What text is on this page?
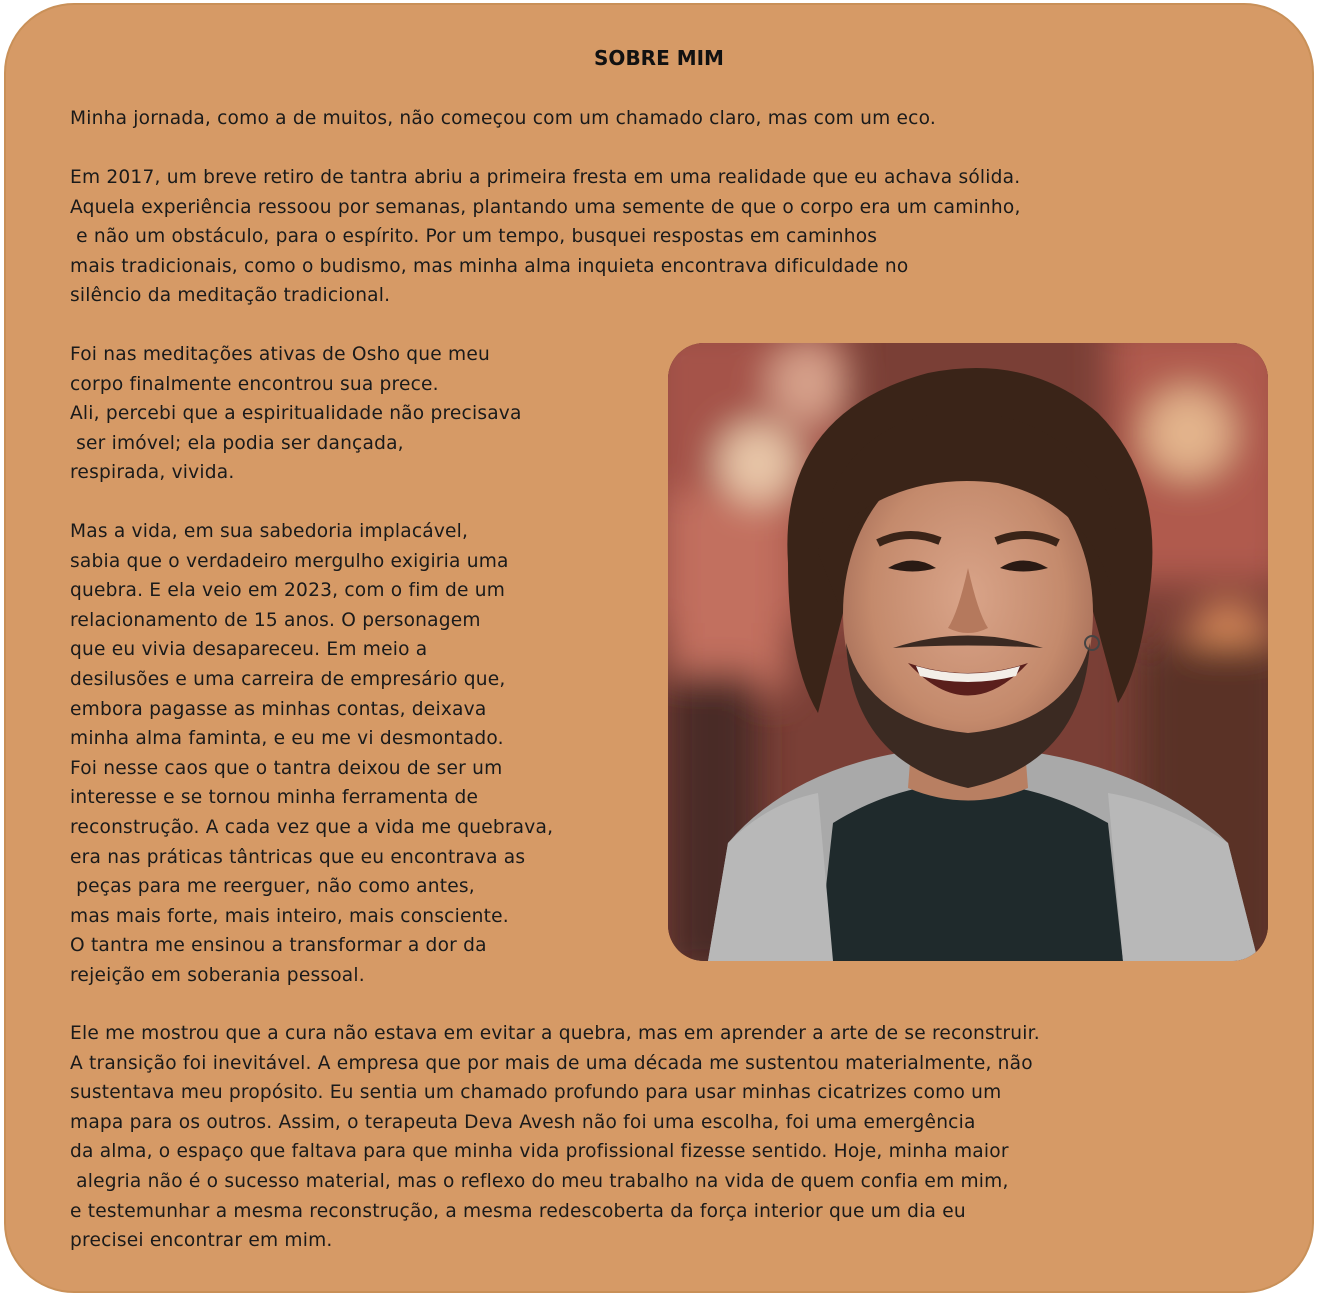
SOBRE MIM
Minha jornada, como a de muitos, não começou com um chamado claro, mas com um eco.
Em 2017, um breve retiro de tantra abriu a primeira fresta em uma realidade que eu achava sólida.
Aquela experiência ressoou por semanas, plantando uma semente de que o corpo era um caminho,
e não um obstáculo, para o espírito. Por um tempo, busquei respostas em caminhos
mais tradicionais, como o budismo, mas minha alma inquieta encontrava dificuldade no
silêncio da meditação tradicional.
Foi nas meditações ativas de Osho que meu
corpo finalmente encontrou sua prece.
Ali, percebi que a espiritualidade não precisava
ser imóvel; ela podia ser dançada,
respirada, vivida.
Mas a vida, em sua sabedoria implacável,
sabia que o verdadeiro mergulho exigiria uma
quebra. E ela veio em 2023, com o fim de um
relacionamento de 15 anos. O personagem
que eu vivia desapareceu. Em meio a
desilusões e uma carreira de empresário que,
embora pagasse as minhas contas, deixava
minha alma faminta, e eu me vi desmontado.
Foi nesse caos que o tantra deixou de ser um
interesse e se tornou minha ferramenta de
reconstrução. A cada vez que a vida me quebrava,
era nas práticas tântricas que eu encontrava as
peças para me reerguer, não como antes,
mas mais forte, mais inteiro, mais consciente.
O tantra me ensinou a transformar a dor da
rejeição em soberania pessoal.
Ele me mostrou que a cura não estava em evitar a quebra, mas em aprender a arte de se reconstruir.
A transição foi inevitável. A empresa que por mais de uma década me sustentou materialmente, não
sustentava meu propósito. Eu sentia um chamado profundo para usar minhas cicatrizes como um
mapa para os outros. Assim, o terapeuta Deva Avesh não foi uma escolha, foi uma emergência
da alma, o espaço que faltava para que minha vida profissional fizesse sentido. Hoje, minha maior
alegria não é o sucesso material, mas o reflexo do meu trabalho na vida de quem confia em mim,
e testemunhar a mesma reconstrução, a mesma redescoberta da força interior que um dia eu
precisei encontrar em mim.
